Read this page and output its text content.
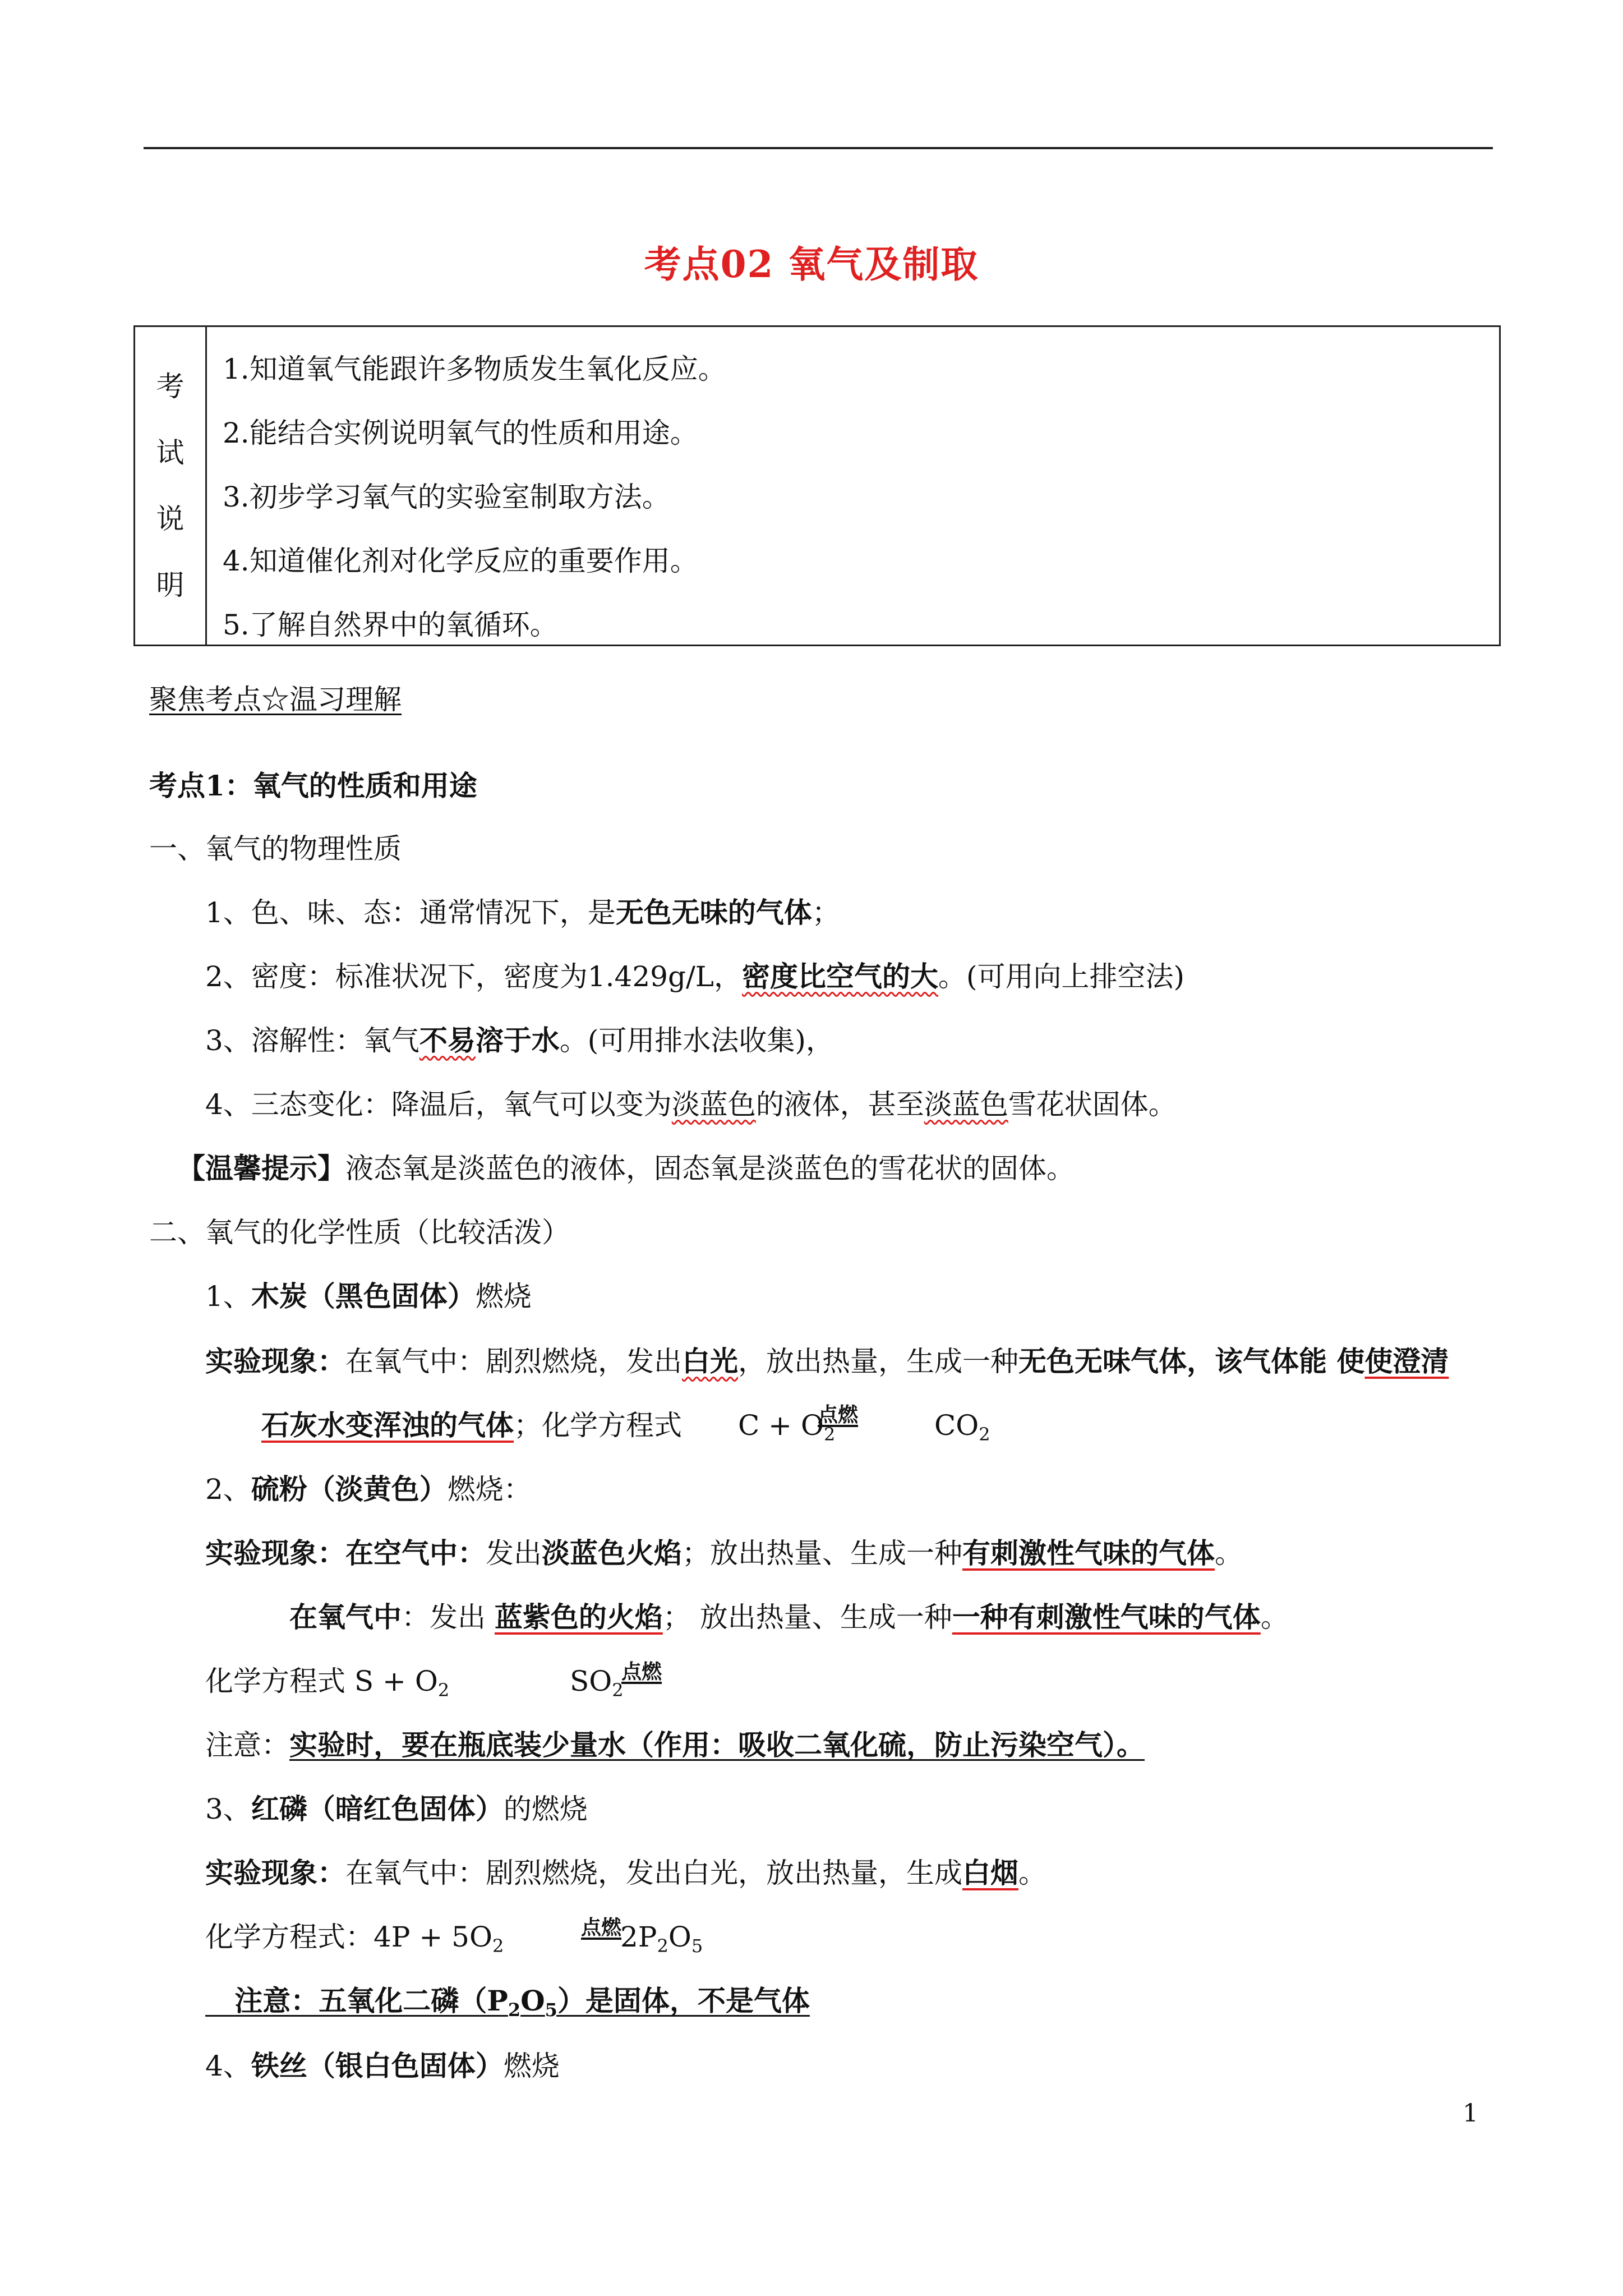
考点02 氧气及制取
考试说明
1.知道氧气能跟许多物质发生氧化反应。
2.能结合实例说明氧气的性质和用途。
3.初步学习氧气的实验室制取方法。
4.知道催化剂对化学反应的重要作用。
5.了解自然界中的氧循环。
聚焦考点☆温习理解
考点1：氧气的性质和用途
一、氧气的物理性质
1、色、味、态：通常情况下，是无色无味的气体；
2、密度：标准状况下，密度为1.429g/L，密度比空气的大。(可用向上排空法)
3、溶解性：氧气不易溶于水。(可用排水法收集)，
4、三态变化：降温后，氧气可以变为淡蓝色的液体，甚至淡蓝色雪花状固体。
【温馨提示】液态氧是淡蓝色的液体，固态氧是淡蓝色的雪花状的固体。
二、氧气的化学性质（比较活泼）
1、木炭（黑色固体）燃烧
实验现象：在氧气中：剧烈燃烧，发出白光，放出热量，生成一种无色无味气体，该气体能 使使澄清
石灰水变浑浊的气体；化学方程式 $C + O_2$
点燃	$CO_2$
2、硫粉（淡黄色）燃烧：
实验现象：在空气中：发出淡蓝色火焰；放出热量、生成一种有刺激性气味的气体。
在氧气中：发出 蓝紫色的火焰； 放出热量、生成一种一种有刺激性气味的气体。
化学方程式 $S + O_2$	$SO_2$
点燃
注意：实验时，要在瓶底装少量水（作用：吸收二氧化硫，防止污染空气）。
3、红磷（暗红色固体）的燃烧
实验现象：在氧气中：剧烈燃烧，发出白光，放出热量，生成白烟。
化学方程式：$4P + 5O_2$
点燃
$2P_2O_5$
注意：五氧化二磷$(P_2O_5)$是固体，不是气体
4、铁丝（银白色固体）燃烧
1
